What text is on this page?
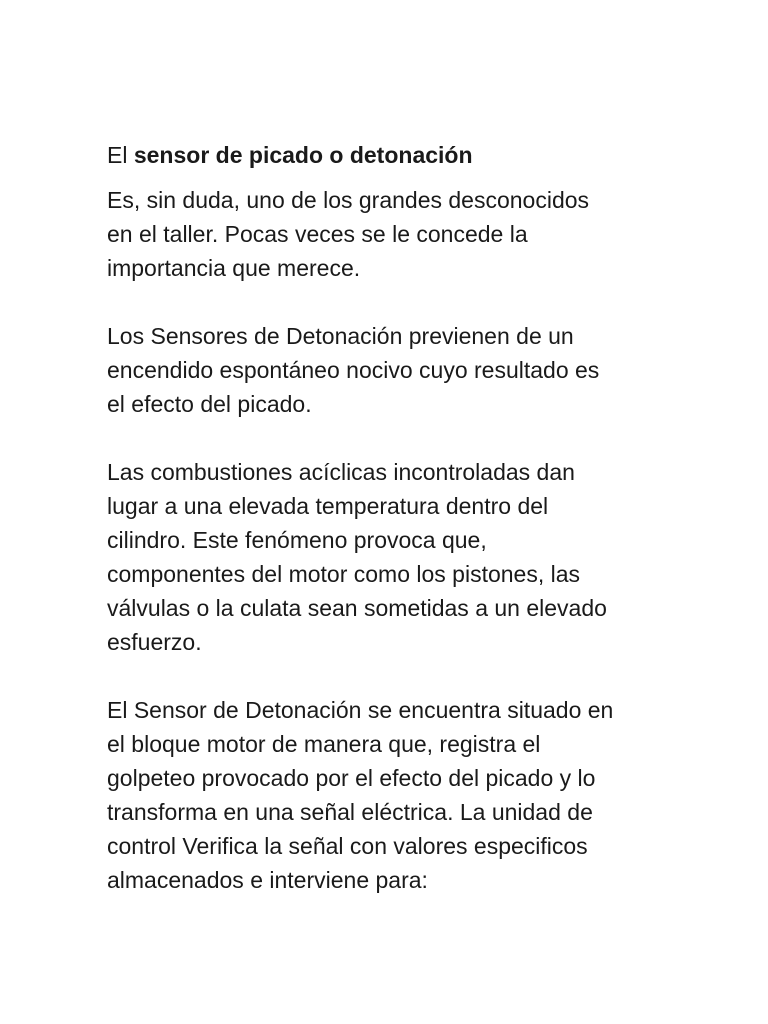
El sensor de picado o detonación

Es, sin duda, uno de los grandes desconocidos
en el taller. Pocas veces se le concede la
importancia que merece.

Los Sensores de Detonación previenen de un
encendido espontáneo nocivo cuyo resultado es
el efecto del picado.

Las combustiones acíclicas incontroladas dan
lugar a una elevada temperatura dentro del
cilindro. Este fenómeno provoca que,
componentes del motor como los pistones, las
válvulas o la culata sean sometidas a un elevado
esfuerzo.

El Sensor de Detonación se encuentra situado en
el bloque motor de manera que, registra el
golpeteo provocado por el efecto del picado y lo
transforma en una señal eléctrica. La unidad de
control Verifica la señal con valores especificos
almacenados e interviene para:
